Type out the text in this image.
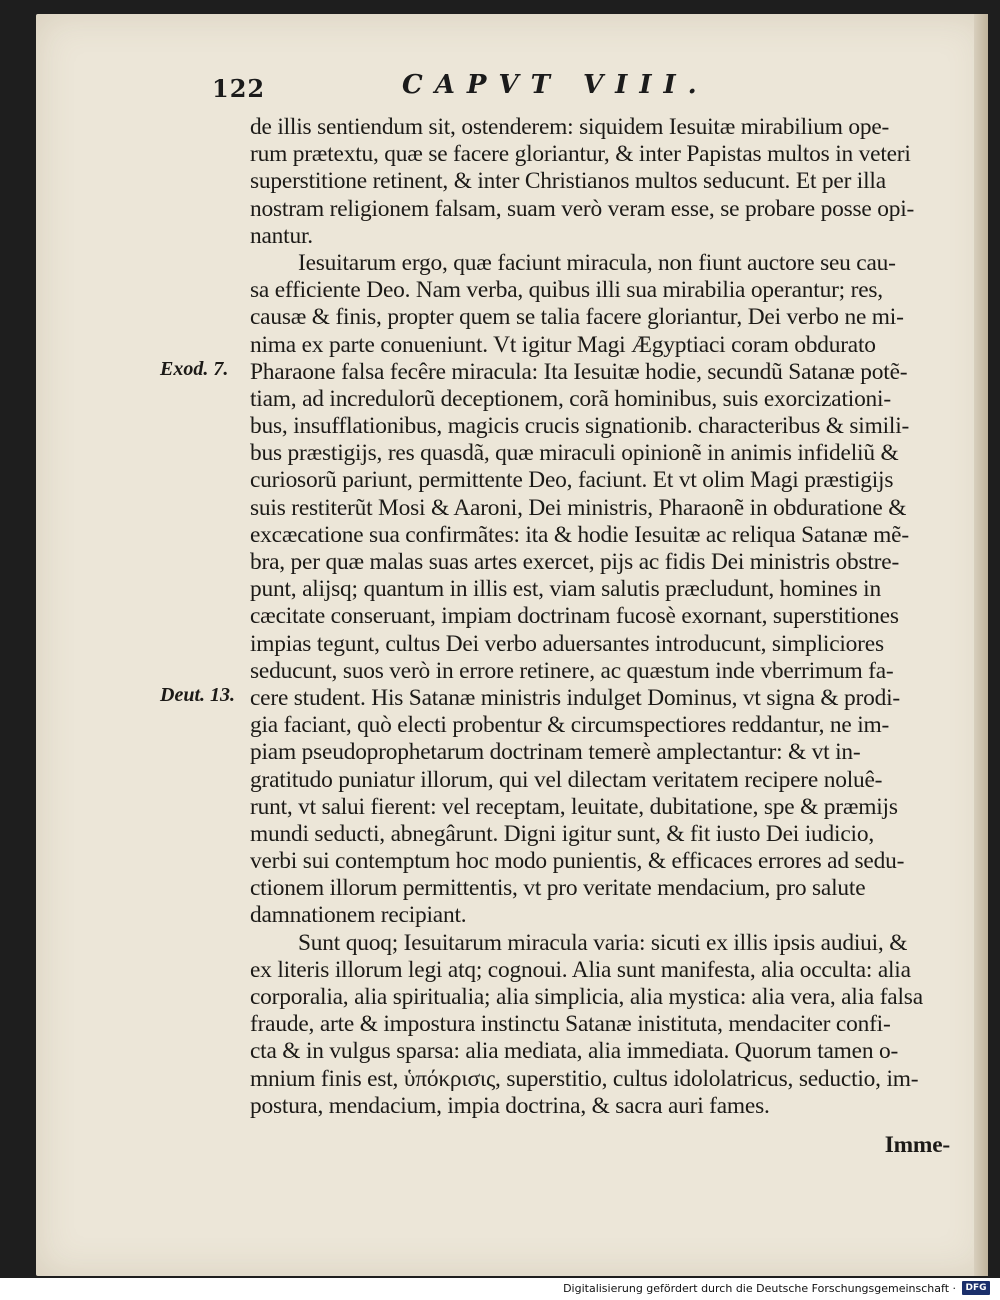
122	CAPVT VIII.
Exod. 7.
Deut. 13.
de illis sentiendum sit, ostenderem: siquidem Iesuitæ mirabilium ope-
rum prætextu, quæ se facere gloriantur, & inter Papistas multos in veteri
superstitione retinent, & inter Christianos multos seducunt. Et per illa
nostram religionem falsam, suam verò veram esse, se probare posse opi-
nantur.
Iesuitarum ergo, quæ faciunt miracula, non fiunt auctore seu cau-
sa efficiente Deo. Nam verba, quibus illi sua mirabilia operantur; res,
causæ & finis, propter quem se talia facere gloriantur, Dei verbo ne mi-
nima ex parte conueniunt. Vt igitur Magi Ægyptiaci coram obdurato
Pharaone falsa fecêre miracula: Ita Iesuitæ hodie, secundũ Satanæ potẽ-
tiam, ad incredulorũ deceptionem, corã hominibus, suis exorcizationi-
bus, insufflationibus, magicis crucis signationib. characteribus & simili-
bus præstigijs, res quasdã, quæ miraculi opinionẽ in animis infideliũ &
curiosorũ pariunt, permittente Deo, faciunt. Et vt olim Magi præstigijs
suis restiterũt Mosi & Aaroni, Dei ministris, Pharaonẽ in obduratione &
excæcatione sua confirmãtes: ita & hodie Iesuitæ ac reliqua Satanæ mẽ-
bra, per quæ malas suas artes exercet, pijs ac fidis Dei ministris obstre-
punt, alijsq; quantum in illis est, viam salutis præcludunt, homines in
cæcitate conseruant, impiam doctrinam fucosè exornant, superstitiones
impias tegunt, cultus Dei verbo aduersantes introducunt, simpliciores
seducunt, suos verò in errore retinere, ac quæstum inde vberrimum fa-
cere student. His Satanæ ministris indulget Dominus, vt signa & prodi-
gia faciant, quò electi probentur & circumspectiores reddantur, ne im-
piam pseudoprophetarum doctrinam temerè amplectantur: & vt in-
gratitudo puniatur illorum, qui vel dilectam veritatem recipere noluê-
runt, vt salui fierent: vel receptam, leuitate, dubitatione, spe & præmijs
mundi seducti, abnegârunt. Digni igitur sunt, & fit iusto Dei iudicio,
verbi sui contemptum hoc modo punientis, & efficaces errores ad sedu-
ctionem illorum permittentis, vt pro veritate mendacium, pro salute
damnationem recipiant.
Sunt quoq; Iesuitarum miracula varia: sicuti ex illis ipsis audiui, &
ex literis illorum legi atq; cognoui. Alia sunt manifesta, alia occulta: alia
corporalia, alia spiritualia; alia simplicia, alia mystica: alia vera, alia falsa
fraude, arte & impostura instinctu Satanæ inistituta, mendaciter confi-
cta & in vulgus sparsa: alia mediata, alia immediata. Quorum tamen o-
mnium finis est, ὑπόκρισις, superstitio, cultus idololatricus, seductio, im-
postura, mendacium, impia doctrina, & sacra auri fames.
Imme-
Digitalisierung gefördert durch die Deutsche Forschungsgemeinschaft ·	DFG
